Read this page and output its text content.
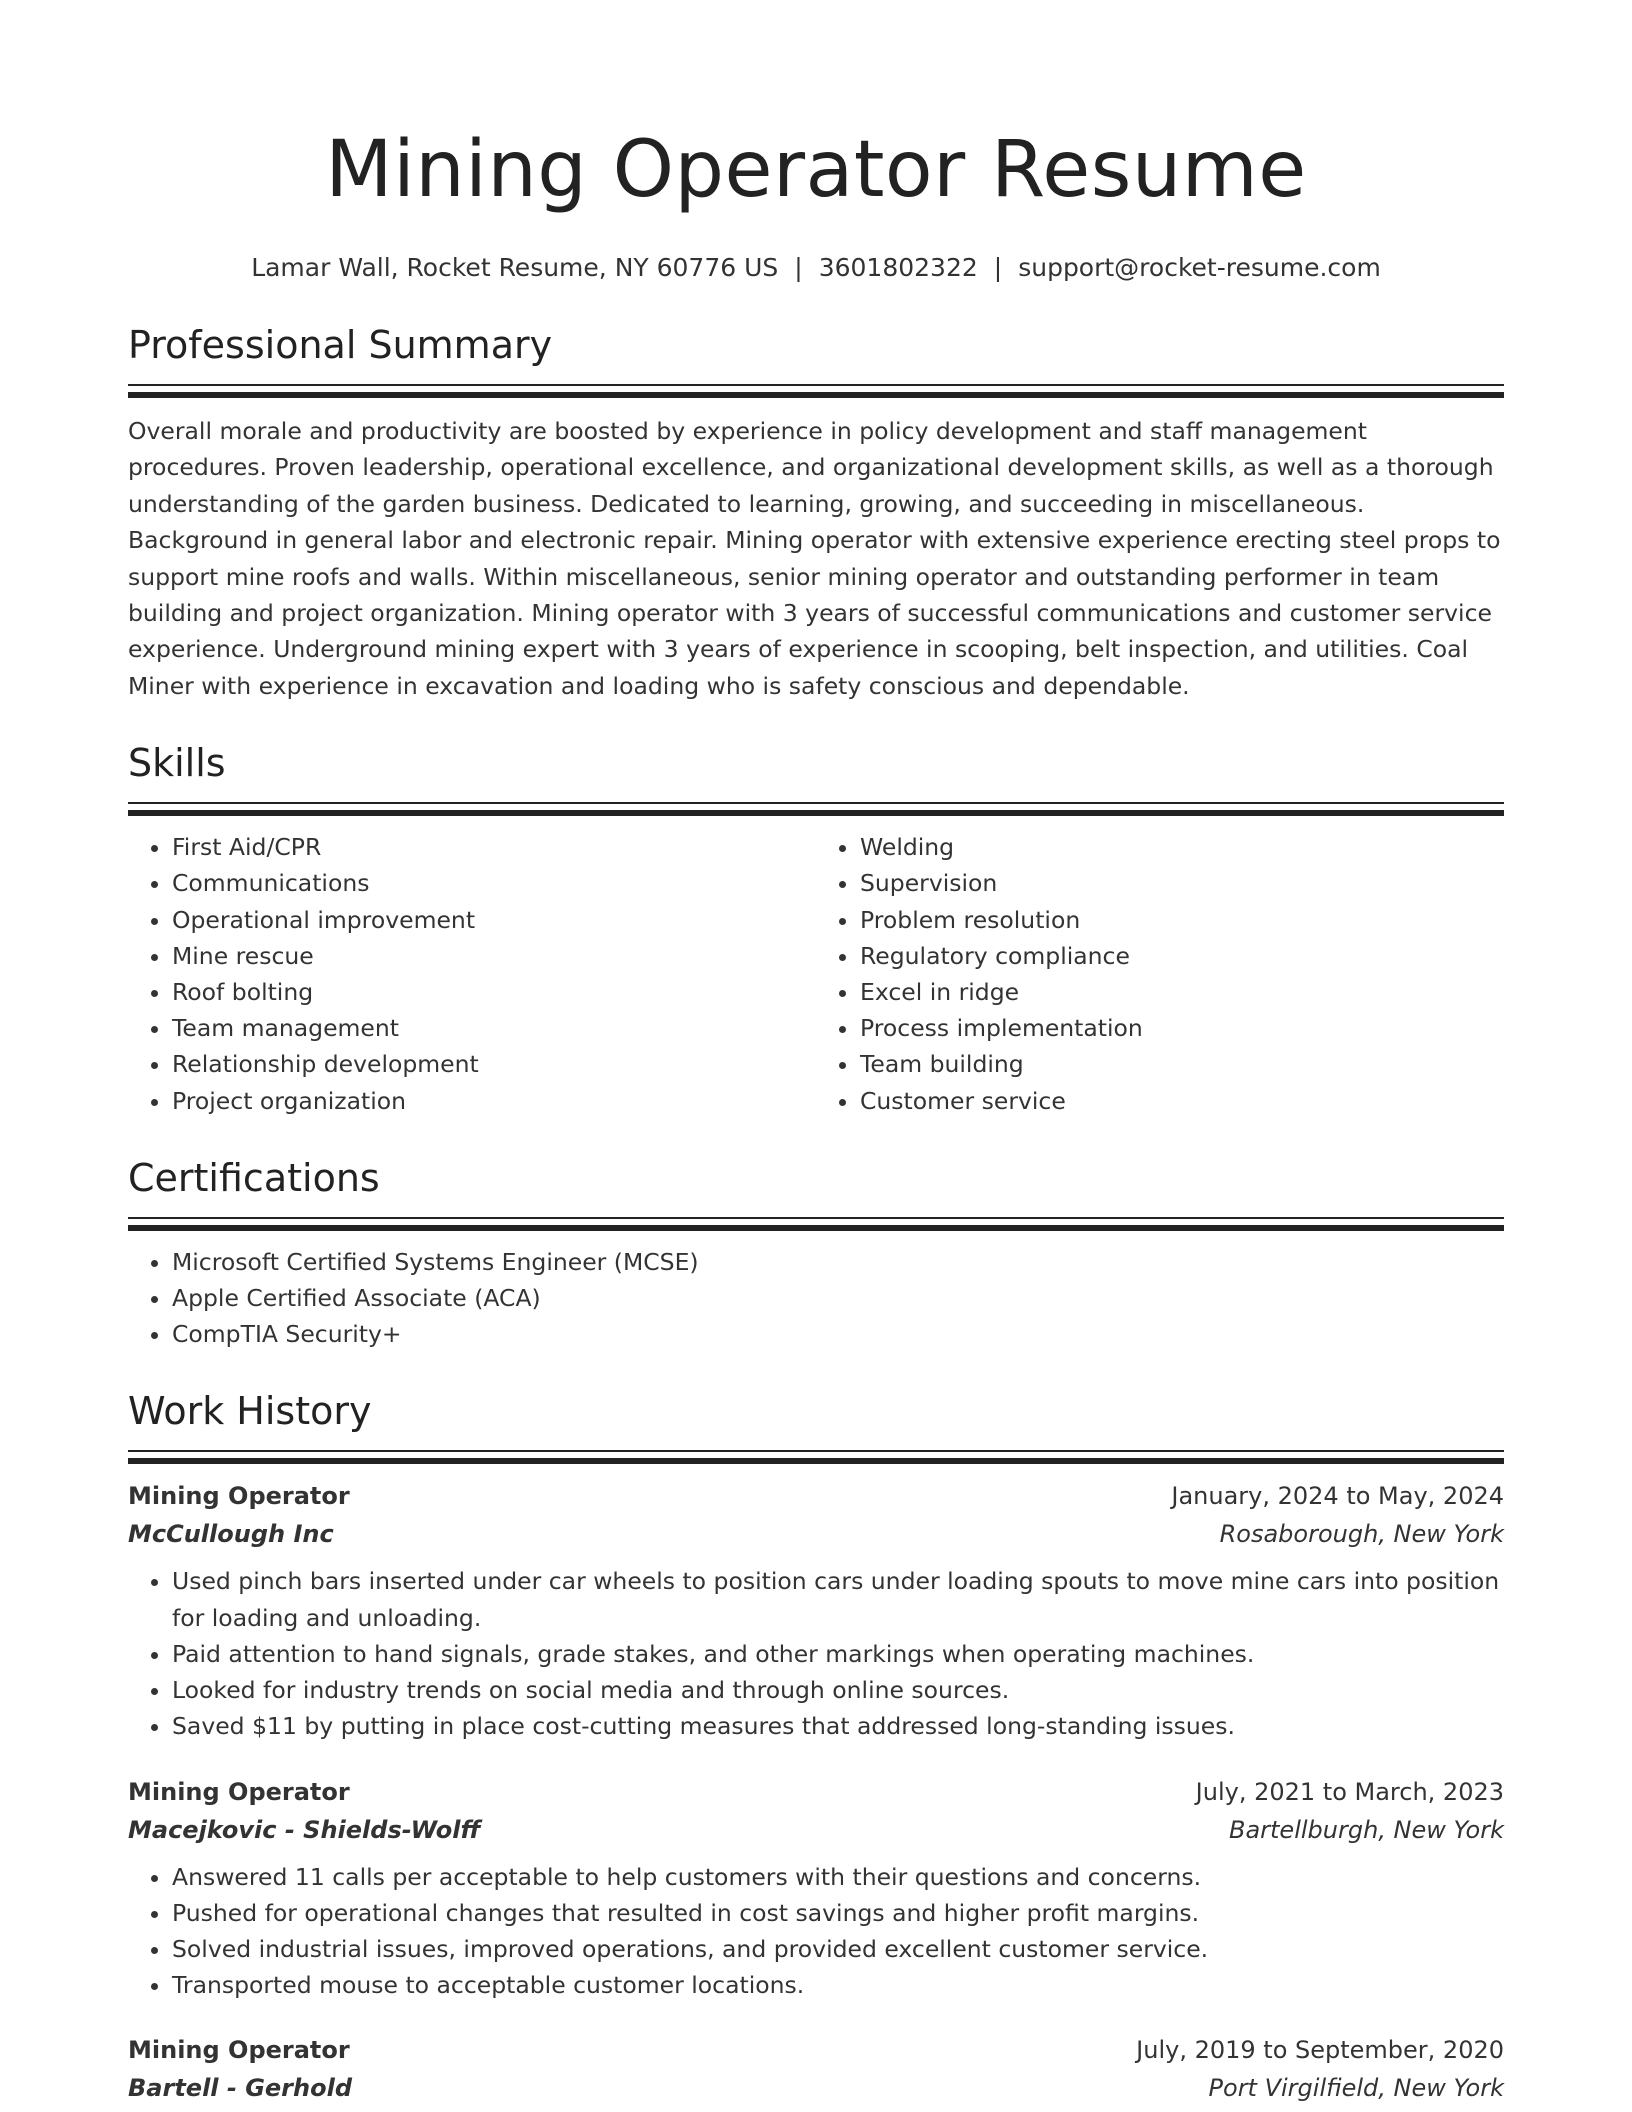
Mining Operator Resume
Lamar Wall, Rocket Resume, NY 60776 US | 3601802322 | support@rocket-resume.com
Professional Summary
Overall morale and productivity are boosted by experience in policy development and staff management procedures. Proven leadership, operational excellence, and organizational development skills, as well as a thorough understanding of the garden business. Dedicated to learning, growing, and succeeding in miscellaneous. Background in general labor and electronic repair. Mining operator with extensive experience erecting steel props to support mine roofs and walls. Within miscellaneous, senior mining operator and outstanding performer in team building and project organization. Mining operator with 3 years of successful communications and customer service experience. Underground mining expert with 3 years of experience in scooping, belt inspection, and utilities. Coal Miner with experience in excavation and loading who is safety conscious and dependable.
Skills
• First Aid/CPR
• Communications
• Operational improvement
• Mine rescue
• Roof bolting
• Team management
• Relationship development
• Project organization
• Welding
• Supervision
• Problem resolution
• Regulatory compliance
• Excel in ridge
• Process implementation
• Team building
• Customer service
Certifications
• Microsoft Certified Systems Engineer (MCSE)
• Apple Certified Associate (ACA)
• CompTIA Security+
Work History
Mining Operator	January, 2024 to May, 2024
McCullough Inc	Rosaborough, New York
• Used pinch bars inserted under car wheels to position cars under loading spouts to move mine cars into position for loading and unloading.
• Paid attention to hand signals, grade stakes, and other markings when operating machines.
• Looked for industry trends on social media and through online sources.
• Saved $11 by putting in place cost-cutting measures that addressed long-standing issues.
Mining Operator	July, 2021 to March, 2023
Macejkovic - Shields-Wolff	Bartellburgh, New York
• Answered 11 calls per acceptable to help customers with their questions and concerns.
• Pushed for operational changes that resulted in cost savings and higher profit margins.
• Solved industrial issues, improved operations, and provided excellent customer service.
• Transported mouse to acceptable customer locations.
Mining Operator	July, 2019 to September, 2020
Bartell - Gerhold	Port Virgilfield, New York
